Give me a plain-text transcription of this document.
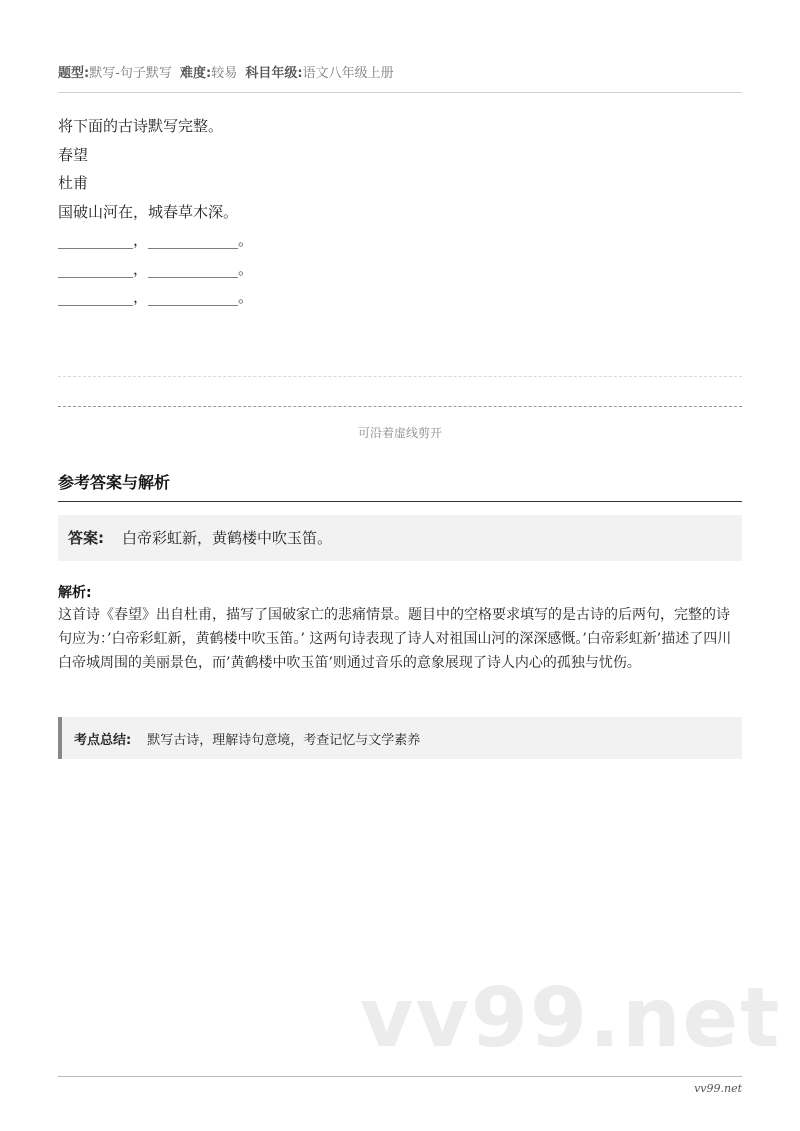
题型:默写-句子默写 难度:较易 科目年级:语文八年级上册

将下面的古诗默写完整。

春望

杜甫

国破山河在，城春草木深。

__________，____________。

__________，____________。

__________，____________。

可沿着虚线剪开
参考答案与解析
答案: 白帝彩虹新，黄鹤楼中吹玉笛。
解析:
这首诗《春望》出自杜甫，描写了国破家亡的悲痛情景。题目中的空格要求填写的是古诗的后两句，完整的诗句应为：’白帝彩虹新，黄鹤楼中吹玉笛。’ 这两句诗表现了诗人对祖国山河的深深感慨。’白帝彩虹新’描述了四川白帝城周围的美丽景色，而’黄鹤楼中吹玉笛’则通过音乐的意象展现了诗人内心的孤独与忧伤。
考点总结: 默写古诗，理解诗句意境，考查记忆与文学素养
vv99.net
vv99.net
